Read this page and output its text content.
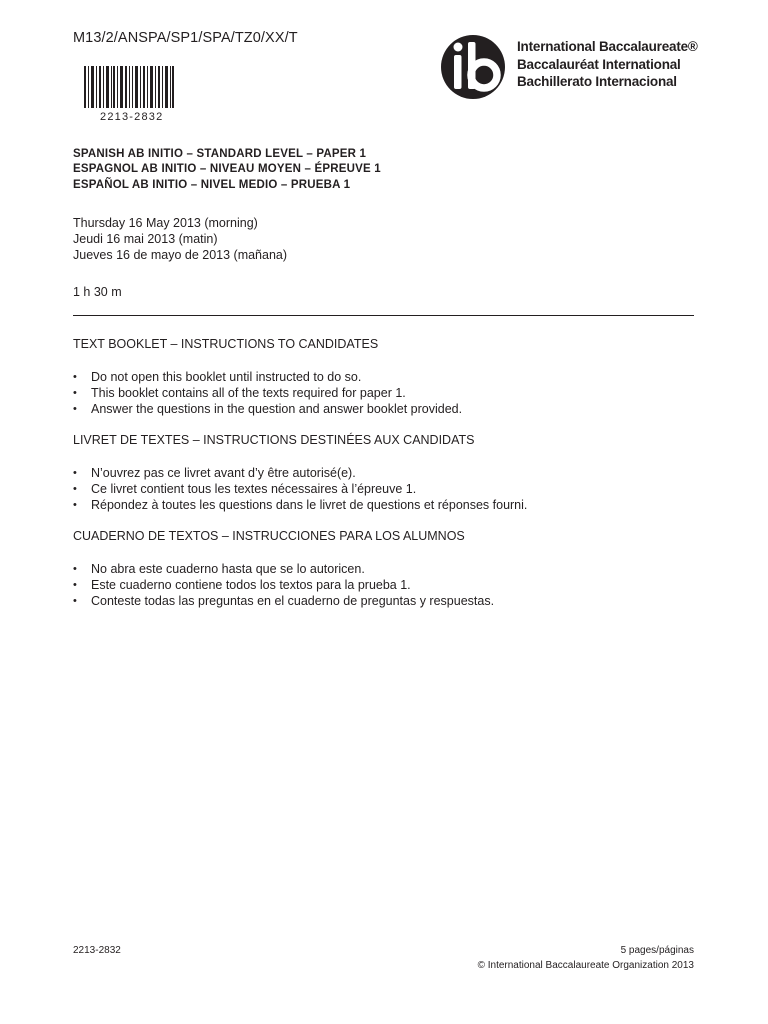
M13/2/ANSPA/SP1/SPA/TZ0/XX/T
2213-2832
International Baccalaureate®
Baccalauréat International
Bachillerato Internacional
SPANISH AB INITIO – STANDARD LEVEL – PAPER 1
ESPAGNOL AB INITIO – NIVEAU MOYEN – ÉPREUVE 1
ESPAÑOL AB INITIO – NIVEL MEDIO – PRUEBA 1
Thursday 16 May 2013 (morning)
Jeudi 16 mai 2013 (matin)
Jueves 16 de mayo de 2013 (mañana)
1 h 30 m
TEXT BOOKLET – INSTRUCTIONS TO CANDIDATES
• Do not open this booklet until instructed to do so.
• This booklet contains all of the texts required for paper 1.
• Answer the questions in the question and answer booklet provided.
LIVRET DE TEXTES – INSTRUCTIONS DESTINÉES AUX CANDIDATS
• N’ouvrez pas ce livret avant d’y être autorisé(e).
• Ce livret contient tous les textes nécessaires à l’épreuve 1.
• Répondez à toutes les questions dans le livret de questions et réponses fourni.
CUADERNO DE TEXTOS – INSTRUCCIONES PARA LOS ALUMNOS
• No abra este cuaderno hasta que se lo autoricen.
• Este cuaderno contiene todos los textos para la prueba 1.
• Conteste todas las preguntas en el cuaderno de preguntas y respuestas.
2213-2832	5 pages/páginas
© International Baccalaureate Organization 2013
